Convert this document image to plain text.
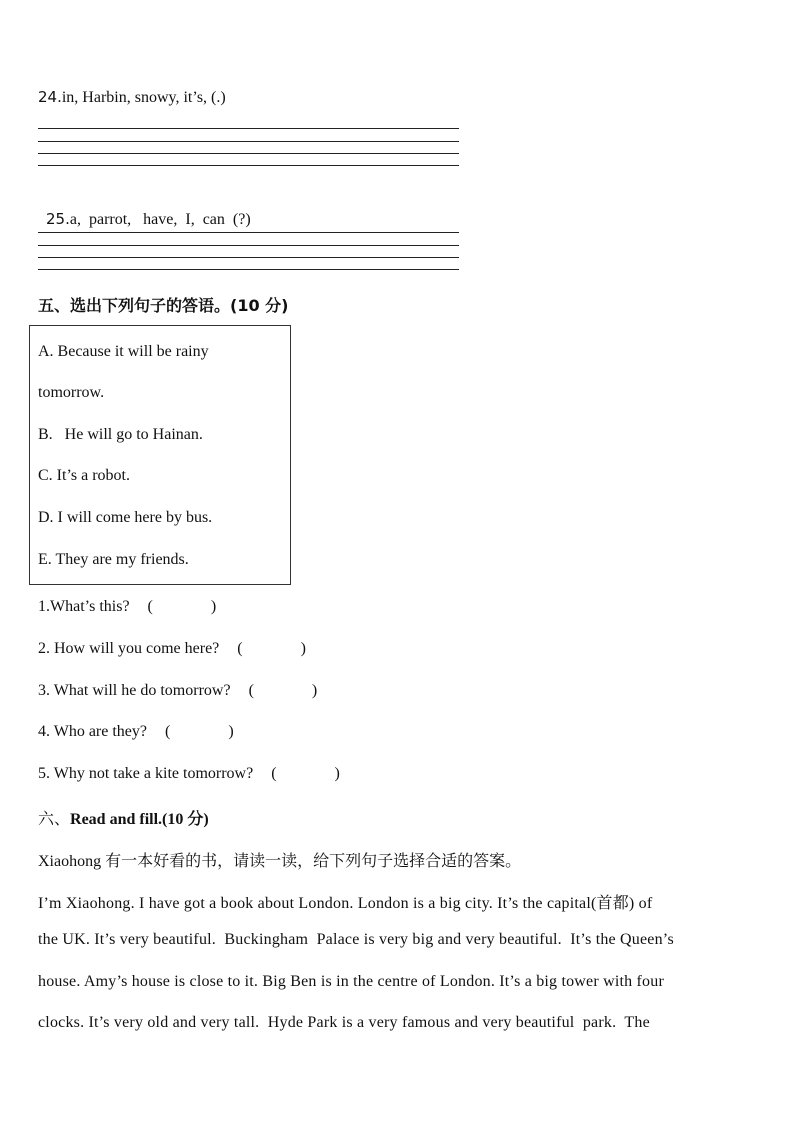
24.in, Harbin, snowy, it’s, (.)

25.a,  parrot,   have,  I,  can  (?)

五、选出下列句子的答语。(10 分)
A. Because it will be rainy
tomorrow.
B.   He will go to Hainan.
C. It’s a robot.
D. I will come here by bus.
E. They are my friends.
1.What’s this? (	)
2. How will you come here? (	)
3. What will he do tomorrow? (	)
4. Who are they? (	)
5. Why not take a kite tomorrow? (	)
六、Read and fill.(10 分)
Xiaohong 有一本好看的书，请读一读，给下列句子选择合适的答案。
I’m Xiaohong. I have got a book about London. London is a big city. It’s the capital(首都) of
the UK. It’s very beautiful.  Buckingham  Palace is very big and very beautiful.  It’s the Queen’s
house. Amy’s house is close to it. Big Ben is in the centre of London. It’s a big tower with four
clocks. It’s very old and very tall.  Hyde Park is a very famous and very beautiful  park.  The
